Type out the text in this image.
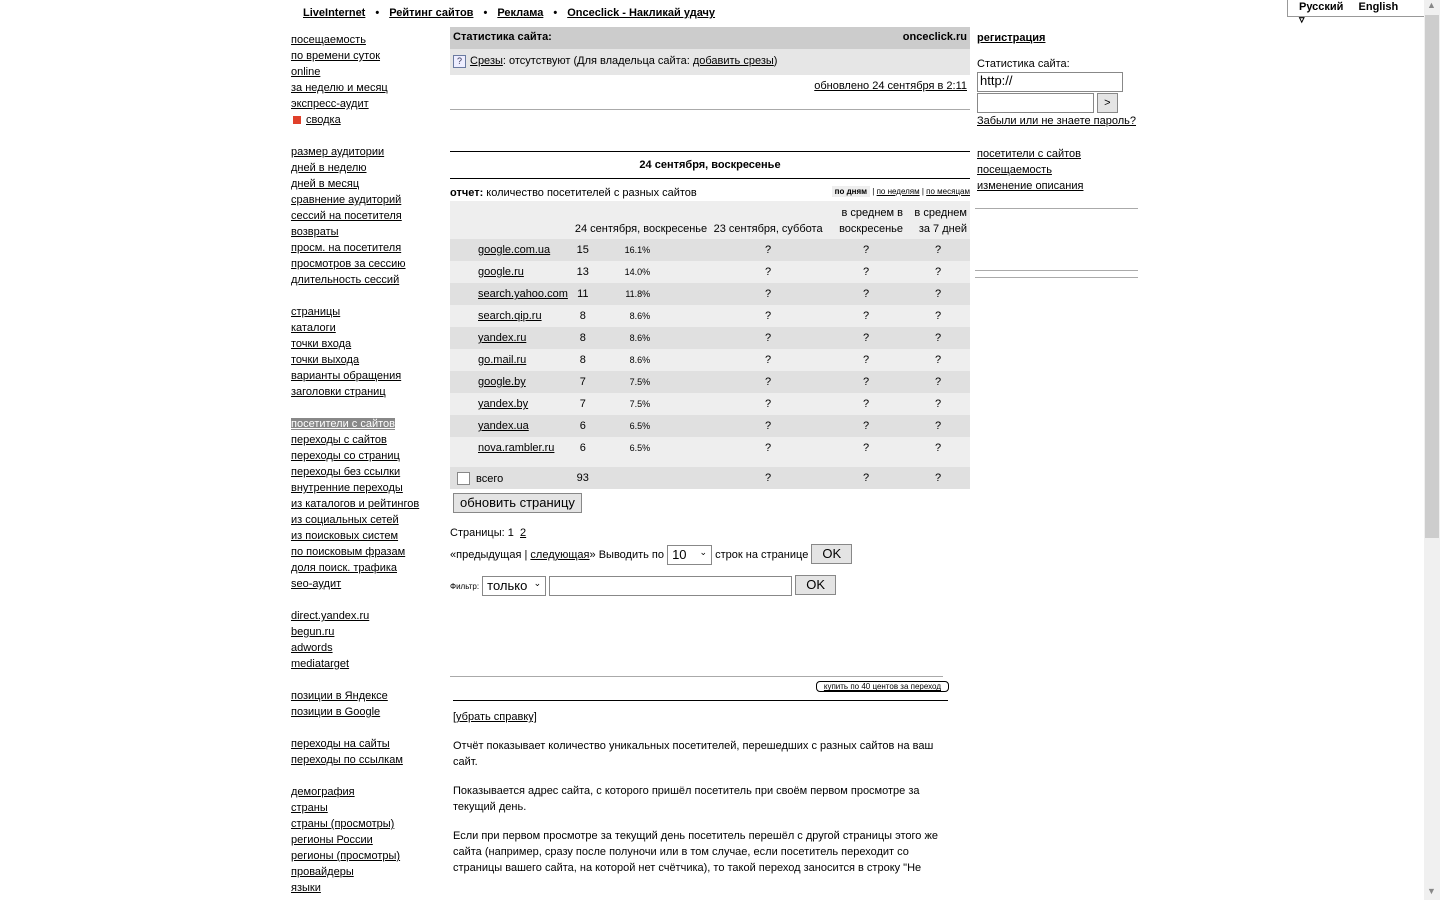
LiveInternet • Рейтинг сайтов • Реклама • Onceclick - Накликай удачу	Русский English ▿
▲
▼
посещаемость
по времени суток
online
за неделю и месяц
экспресс-аудит
сводка
размер аудитории
дней в неделю
дней в месяц
сравнение аудиторий
сессий на посетителя
возвраты
просм. на посетителя
просмотров за сессию
длительность сессий
страницы
каталоги
точки входа
точки выхода
варианты обращения
заголовки страниц
посетители с сайтов
переходы с сайтов
переходы со страниц
переходы без ссылки
внутренние переходы
из каталогов и рейтингов
из социальных сетей
из поисковых систем
по поисковым фразам
доля поиск. трафика
seo-аудит
direct.yandex.ru
begun.ru
adwords
mediatarget
позиции в Яндексе
позиции в Google
переходы на сайты
переходы по ссылкам
демография
страны
страны (просмотры)
регионы России
регионы (просмотры)
провайдеры
языки
Статистика сайта:	onceclick.ru
? Срезы: отсутствуют (Для владельца сайта: добавить срезы)
обновлено 24 сентября в 2:11
24 сентября, воскресенье
отчет: количество посетителей с разных сайтов	по дням | по неделям | по месяцам
	24 сентября, воскресенье		23 сентября, суббота	в среднем в воскресенье	в среднем за 7 дней
google.com.ua	15	16.1%	?	?	?
google.ru	13	14.0%	?	?	?
search.yahoo.com	11	11.8%	?	?	?
search.qip.ru	8	8.6%	?	?	?
yandex.ru	8	8.6%	?	?	?
go.mail.ru	8	8.6%	?	?	?
google.by	7	7.5%	?	?	?
yandex.by	7	7.5%	?	?	?
yandex.ua	6	6.5%	?	?	?
nova.rambler.ru	6	6.5%	?	?	?

всего	93		?	?	?
обновить страницу
Страницы: 1 2
«предыдущая | следующая» Выводить по 10 ⌄ строк на странице OK
Фильтр: только ⌄	OK
купить по 40 центов за переход

[убрать справку]

Отчёт показывает количество уникальных посетителей, перешедших с разных сайтов на ваш сайт.

Показывается адрес сайта, с которого пришёл посетитель при своём первом просмотре за текущий день.

Если при первом просмотре за текущий день посетитель перешёл с другой страницы этого же сайта (например, сразу после полуночи или в том случае, если посетитель переходит со страницы вашего сайта, на которой нет счётчика), то такой переход заносится в строку "Не

регистрация
Статистика сайта:
http://
>
Забыли или не знаете пароль?
посетители с сайтов
посещаемость
изменение описания
